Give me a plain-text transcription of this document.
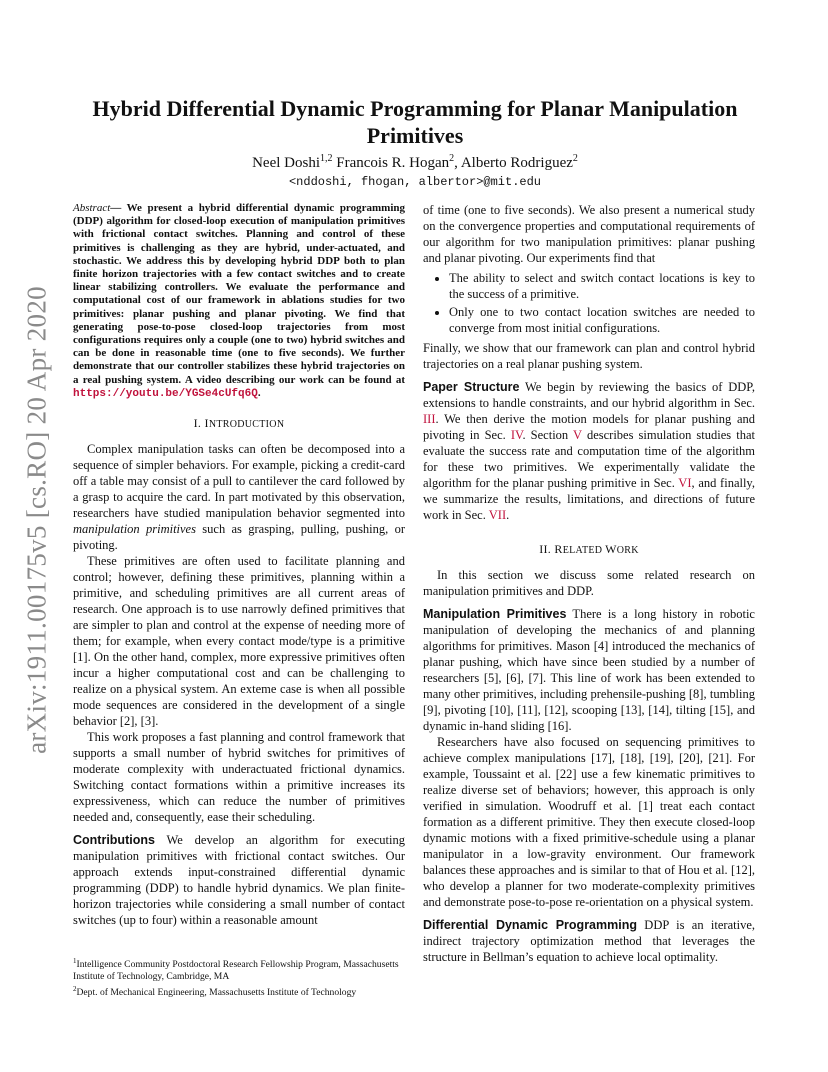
arXiv:1911.00175v5 [cs.RO] 20 Apr 2020
Hybrid Differential Dynamic Programming for Planar Manipulation Primitives
Neel Doshi$^{1,2}$ Francois R. Hogan$^2$, Alberto Rodriguez$^2$
<nddoshi, fhogan, albertor>@mit.edu

Abstract— We present a hybrid differential dynamic programming (DDP) algorithm for closed-loop execution of manipulation primitives with frictional contact switches. Planning and control of these primitives is challenging as they are hybrid, under-actuated, and stochastic. We address this by developing hybrid DDP both to plan finite horizon trajectories with a few contact switches and to create linear stabilizing controllers. We evaluate the performance and computational cost of our framework in ablations studies for two primitives: planar pushing and planar pivoting. We find that generating pose-to-pose closed-loop trajectories from most configurations requires only a couple (one to two) hybrid switches and can be done in reasonable time (one to five seconds). We further demonstrate that our controller stabilizes these hybrid trajectories on a real pushing system. A video describing our work can be found at https://youtu.be/YGSe4cUfq6Q.

I. INTRODUCTION

Complex manipulation tasks can often be decomposed into a sequence of simpler behaviors. For example, picking a credit-card off a table may consist of a pull to cantilever the card followed by a grasp to acquire the card. In part motivated by this observation, researchers have studied manipulation behavior segmented into manipulation primitives such as grasping, pulling, pushing, or pivoting.

These primitives are often used to facilitate planning and control; however, defining these primitives, planning within a primitive, and scheduling primitives are all current areas of research. One approach is to use narrowly defined primitives that are simpler to plan and control at the expense of needing more of them; for example, when every contact mode/type is a primitive [1]. On the other hand, complex, more expressive primitives often incur a higher computational cost and can be challenging to realize on a physical system. An exteme case is when all possible mode sequences are considered in the development of a single behavior [2], [3].

This work proposes a fast planning and control framework that supports a small number of hybrid switches for primitives of moderate complexity with underactuated frictional dynamics. Switching contact formations within a primitive increases its expressiveness, which can reduce the number of primitives needed and, consequently, ease their scheduling.

Contributions We develop an algorithm for executing manipulation primitives with frictional contact switches. Our approach extends input-constrained differential dynamic programming (DDP) to handle hybrid dynamics. We plan finite-horizon trajectories while considering a small number of contact switches (up to four) within a reasonable amount

$^1$Intelligence Community Postdoctoral Research Fellowship Program, Massachusetts Institute of Technology, Cambridge, MA

$^2$Dept. of Mechanical Engineering, Massachusetts Institute of Technology

of time (one to five seconds). We also present a numerical study on the convergence properties and computational requirements of our algorithm for two manipulation primitives: planar pushing and planar pivoting. Our experiments find that

• The ability to select and switch contact locations is key to the success of a primitive.
• Only one to two contact location switches are needed to converge from most initial configurations.

Finally, we show that our framework can plan and control hybrid trajectories on a real planar pushing system.

Paper Structure We begin by reviewing the basics of DDP, extensions to handle constraints, and our hybrid algorithm in Sec. III. We then derive the motion models for planar pushing and pivoting in Sec. IV. Section V describes simulation studies that evaluate the success rate and computation time of the algorithm for these two primitives. We experimentally validate the algorithm for the planar pushing primitive in Sec. VI, and finally, we summarize the results, limitations, and directions of future work in Sec. VII.

II. RELATED WORK

In this section we discuss some related research on manipulation primitives and DDP.

Manipulation Primitives There is a long history in robotic manipulation of developing the mechanics of and planning algorithms for primitives. Mason [4] introduced the mechanics of planar pushing, which have since been studied by a number of researchers [5], [6], [7]. This line of work has been extended to many other primitives, including prehensile-pushing [8], tumbling [9], pivoting [10], [11], [12], scooping [13], [14], tilting [15], and dynamic in-hand sliding [16].

Researchers have also focused on sequencing primitives to achieve complex manipulations [17], [18], [19], [20], [21]. For example, Toussaint et al. [22] use a few kinematic primitives to realize diverse set of behaviors; however, this approach is only verified in simulation. Woodruff et al. [1] treat each contact formation as a different primitive. They then execute closed-loop dynamic motions with a fixed primitive-schedule using a planar manipulator in a low-gravity environment. Our framework balances these approaches and is similar to that of Hou et al. [12], who develop a planner for two moderate-complexity primitives and demonstrate pose-to-pose re-orientation on a physical system.

Differential Dynamic Programming DDP is an iterative, indirect trajectory optimization method that leverages the structure in Bellman’s equation to achieve local optimality.
